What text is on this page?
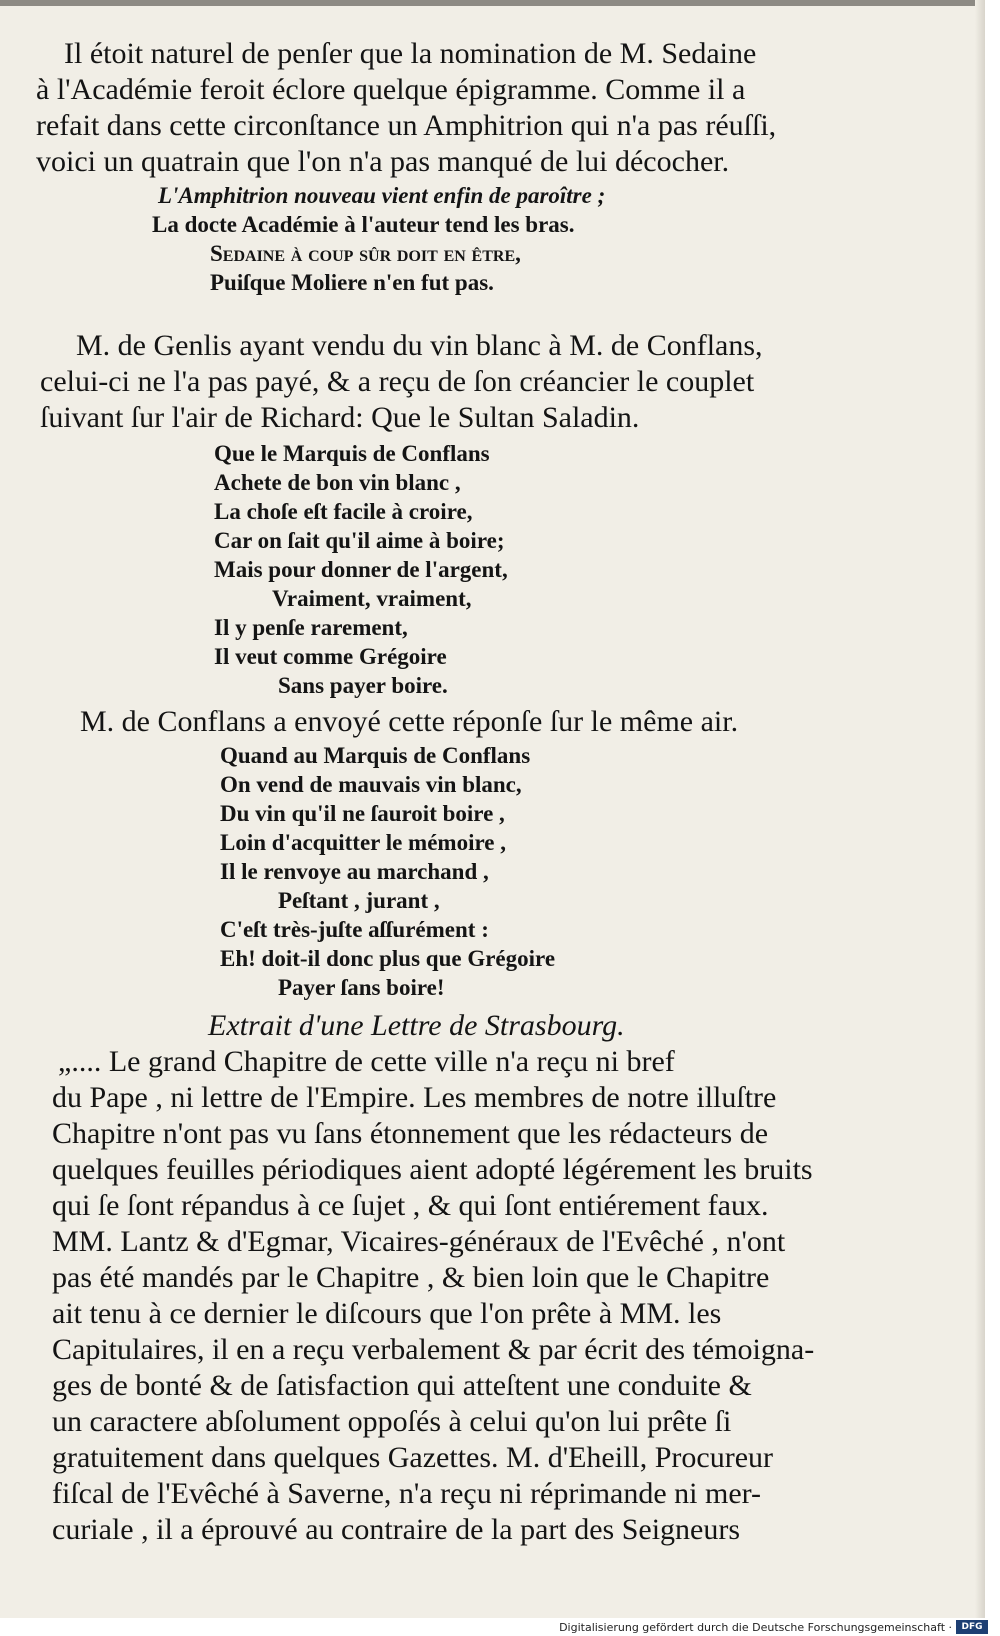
Il étoit naturel de penſer que la nomination de M. Sedaine
à l'Académie feroit éclore quelque épigramme. Comme il a
refait dans cette circonſtance un Amphitrion qui n'a pas réuſſi,
voici un quatrain que l'on n'a pas manqué de lui décocher.
L'Amphitrion nouveau vient enfin de paroître ;
La docte Académie à l'auteur tend les bras.
Sedaine à coup ſûr doit en être,
Puiſque Moliere n'en fut pas.
M. de Genlis ayant vendu du vin blanc à M. de Conflans,
celui-ci ne l'a pas payé, & a reçu de ſon créancier le couplet
ſuivant ſur l'air de Richard: Que le Sultan Saladin.
Que le Marquis de Conflans
Achete de bon vin blanc ,
La choſe eſt facile à croire,
Car on ſait qu'il aime à boire;
Mais pour donner de l'argent,
Vraiment, vraiment,
Il y penſe rarement,
Il veut comme Grégoire
Sans payer boire.
M. de Conflans a envoyé cette réponſe ſur le même air.
Quand au Marquis de Conflans
On vend de mauvais vin blanc,
Du vin qu'il ne ſauroit boire ,
Loin d'acquitter le mémoire ,
Il le renvoye au marchand ,
Peſtant , jurant ,
C'eſt très-juſte aſſurément :
Eh! doit-il donc plus que Grégoire
Payer ſans boire!
Extrait d'une Lettre de Strasbourg.
„.... Le grand Chapitre de cette ville n'a reçu ni bref
du Pape , ni lettre de l'Empire. Les membres de notre illuſtre
Chapitre n'ont pas vu ſans étonnement que les rédacteurs de
quelques feuilles périodiques aient adopté légérement les bruits
qui ſe ſont répandus à ce ſujet , & qui ſont entiérement faux.
MM. Lantz & d'Egmar, Vicaires-généraux de l'Evêché , n'ont
pas été mandés par le Chapitre , & bien loin que le Chapitre
ait tenu à ce dernier le diſcours que l'on prête à MM. les
Capitulaires, il en a reçu verbalement & par écrit des témoigna-
ges de bonté & de ſatisfaction qui atteſtent une conduite &
un caractere abſolument oppoſés à celui qu'on lui prête ſi
gratuitement dans quelques Gazettes. M. d'Eheill, Procureur
fiſcal de l'Evêché à Saverne, n'a reçu ni réprimande ni mer-
curiale , il a éprouvé au contraire de la part des Seigneurs
Digitalisierung gefördert durch die Deutsche Forschungsgemeinschaft ·	DFG
